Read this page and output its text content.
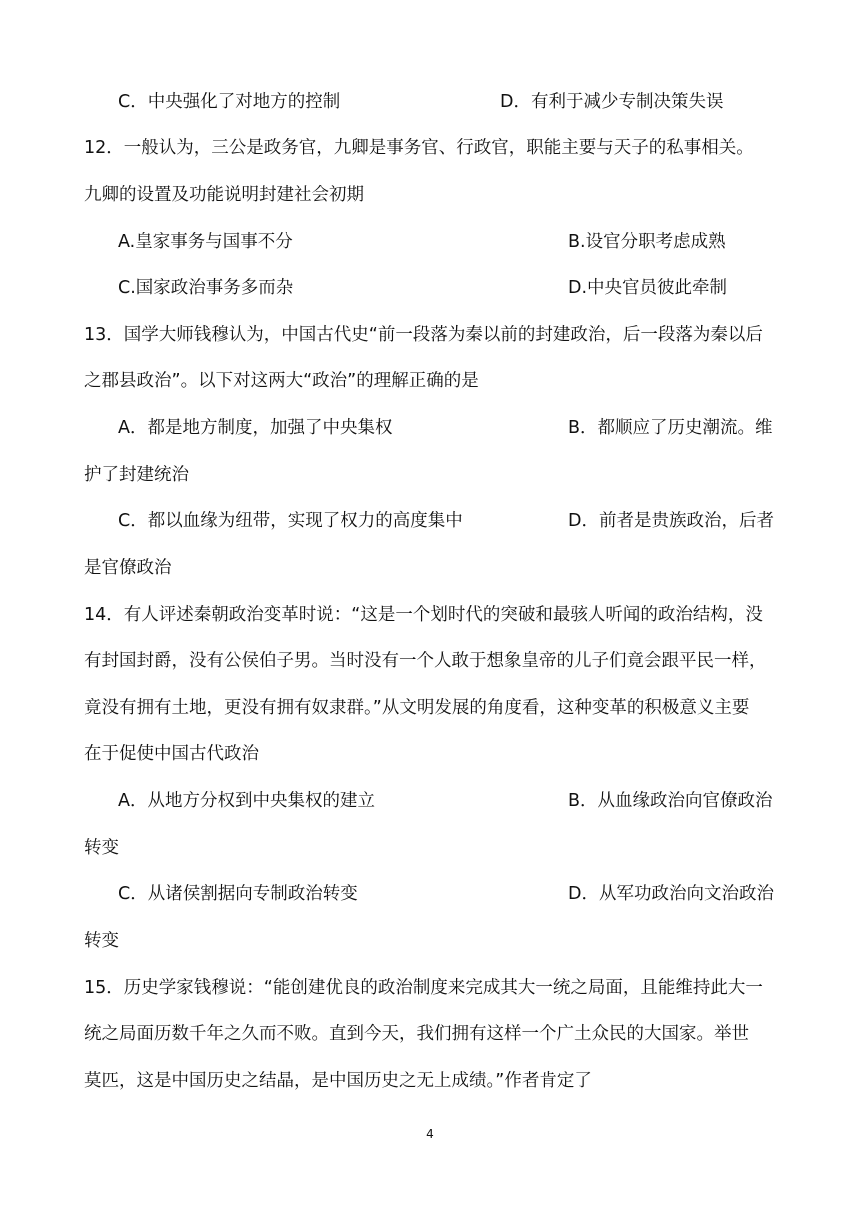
C．中央强化了对地方的控制	D．有利于减少专制决策失误
12．一般认为，三公是政务官，九卿是事务官、行政官，职能主要与天子的私事相关。
九卿的设置及功能说明封建社会初期
A.皇家事务与国事不分	B.设官分职考虑成熟
C.国家政治事务多而杂	D.中央官员彼此牵制
13．国学大师钱穆认为，中国古代史“前一段落为秦以前的封建政治，后一段落为秦以后
之郡县政治”。以下对这两大“政治”的理解正确的是
A．都是地方制度，加强了中央集权	B．都顺应了历史潮流。维
护了封建统治
C．都以血缘为纽带，实现了权力的高度集中	D．前者是贵族政治，后者
是官僚政治
14．有人评述秦朝政治变革时说：“这是一个划时代的突破和最骇人听闻的政治结构，没
有封国封爵，没有公侯伯子男。当时没有一个人敢于想象皇帝的儿子们竟会跟平民一样，
竟没有拥有土地，更没有拥有奴隶群。”从文明发展的角度看，这种变革的积极意义主要
在于促使中国古代政治
A．从地方分权到中央集权的建立	B．从血缘政治向官僚政治
转变
C．从诸侯割据向专制政治转变	D．从军功政治向文治政治
转变
15．历史学家钱穆说：“能创建优良的政治制度来完成其大一统之局面，且能维持此大一
统之局面历数千年之久而不败。直到今天，我们拥有这样一个广土众民的大国家。举世
莫匹，这是中国历史之结晶，是中国历史之无上成绩。”作者肯定了
4
